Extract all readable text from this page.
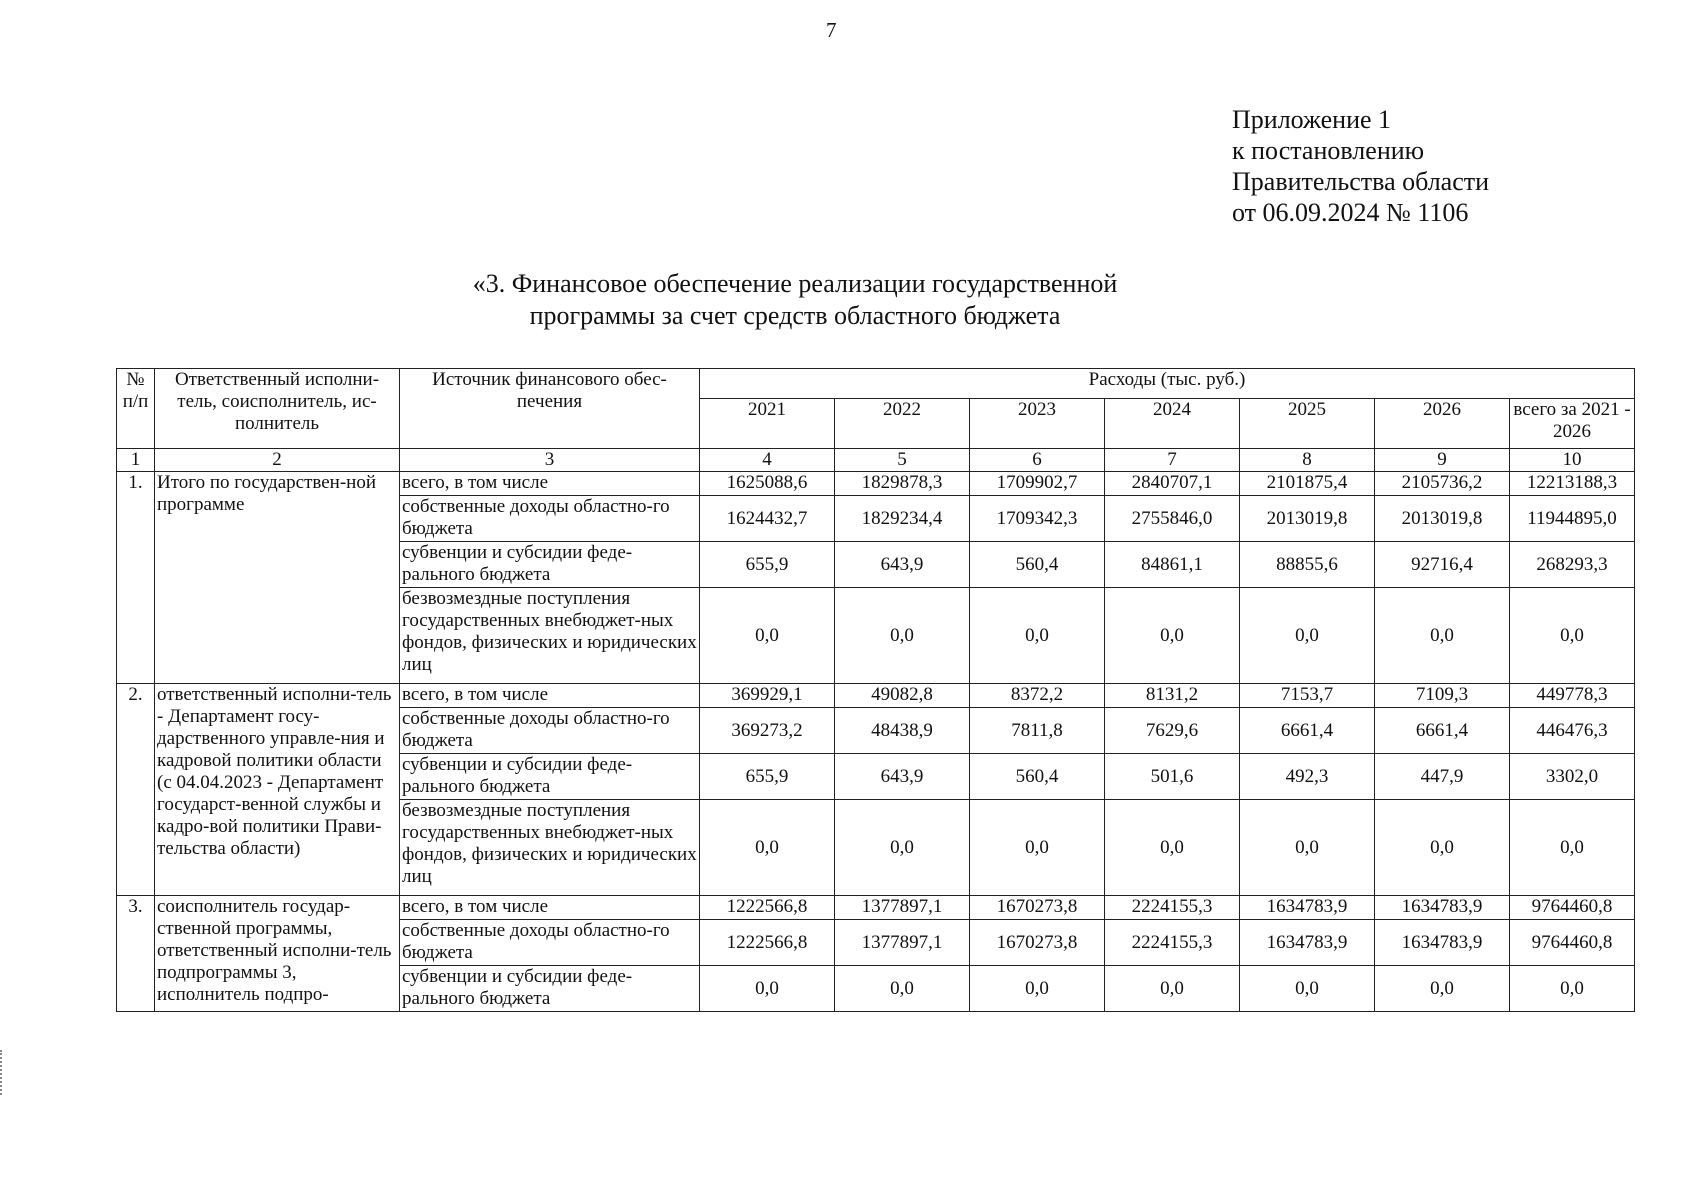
7
Приложение 1
к постановлению
Правительства области
от 06.09.2024 № 1106
«3. Финансовое обеспечение реализации государственной
программы за счет средств областного бюджета
№ п/п	Ответственный исполни-тель, соисполнитель, ис-полнитель	Источник финансового обес-печения	Расходы (тыс. руб.)						
			2021	2022	2023	2024	2025	2026	всего за 2021 - 2026
1	2	3	4	5	6	7	8	9	10
1.	Итого по государствен-ной программе	всего, в том числе	1625088,6	1829878,3	1709902,7	2840707,1	2101875,4	2105736,2	12213188,3
		собственные доходы областно-го бюджета	1624432,7	1829234,4	1709342,3	2755846,0	2013019,8	2013019,8	11944895,0
		субвенции и субсидии феде-рального бюджета	655,9	643,9	560,4	84861,1	88855,6	92716,4	268293,3
		безвозмездные поступления государственных внебюджет-ных фондов, физических и юридических лиц	0,0	0,0	0,0	0,0	0,0	0,0	0,0
2.	ответственный исполни-тель - Департамент госу-дарственного управле-ния и кадровой политики области (с 04.04.2023 - Департамент государст-венной службы и кадро-вой политики Прави-тельства области)	всего, в том числе	369929,1	49082,8	8372,2	8131,2	7153,7	7109,3	449778,3
		собственные доходы областно-го бюджета	369273,2	48438,9	7811,8	7629,6	6661,4	6661,4	446476,3
		субвенции и субсидии феде-рального бюджета	655,9	643,9	560,4	501,6	492,3	447,9	3302,0
		безвозмездные поступления государственных внебюджет-ных фондов, физических и юридических лиц	0,0	0,0	0,0	0,0	0,0	0,0	0,0
3.	соисполнитель государ-ственной программы, ответственный исполни-тель подпрограммы 3, исполнитель подпро-	всего, в том числе	1222566,8	1377897,1	1670273,8	2224155,3	1634783,9	1634783,9	9764460,8
		собственные доходы областно-го бюджета	1222566,8	1377897,1	1670273,8	2224155,3	1634783,9	1634783,9	9764460,8
		субвенции и субсидии феде-рального бюджета	0,0	0,0	0,0	0,0	0,0	0,0	0,0
